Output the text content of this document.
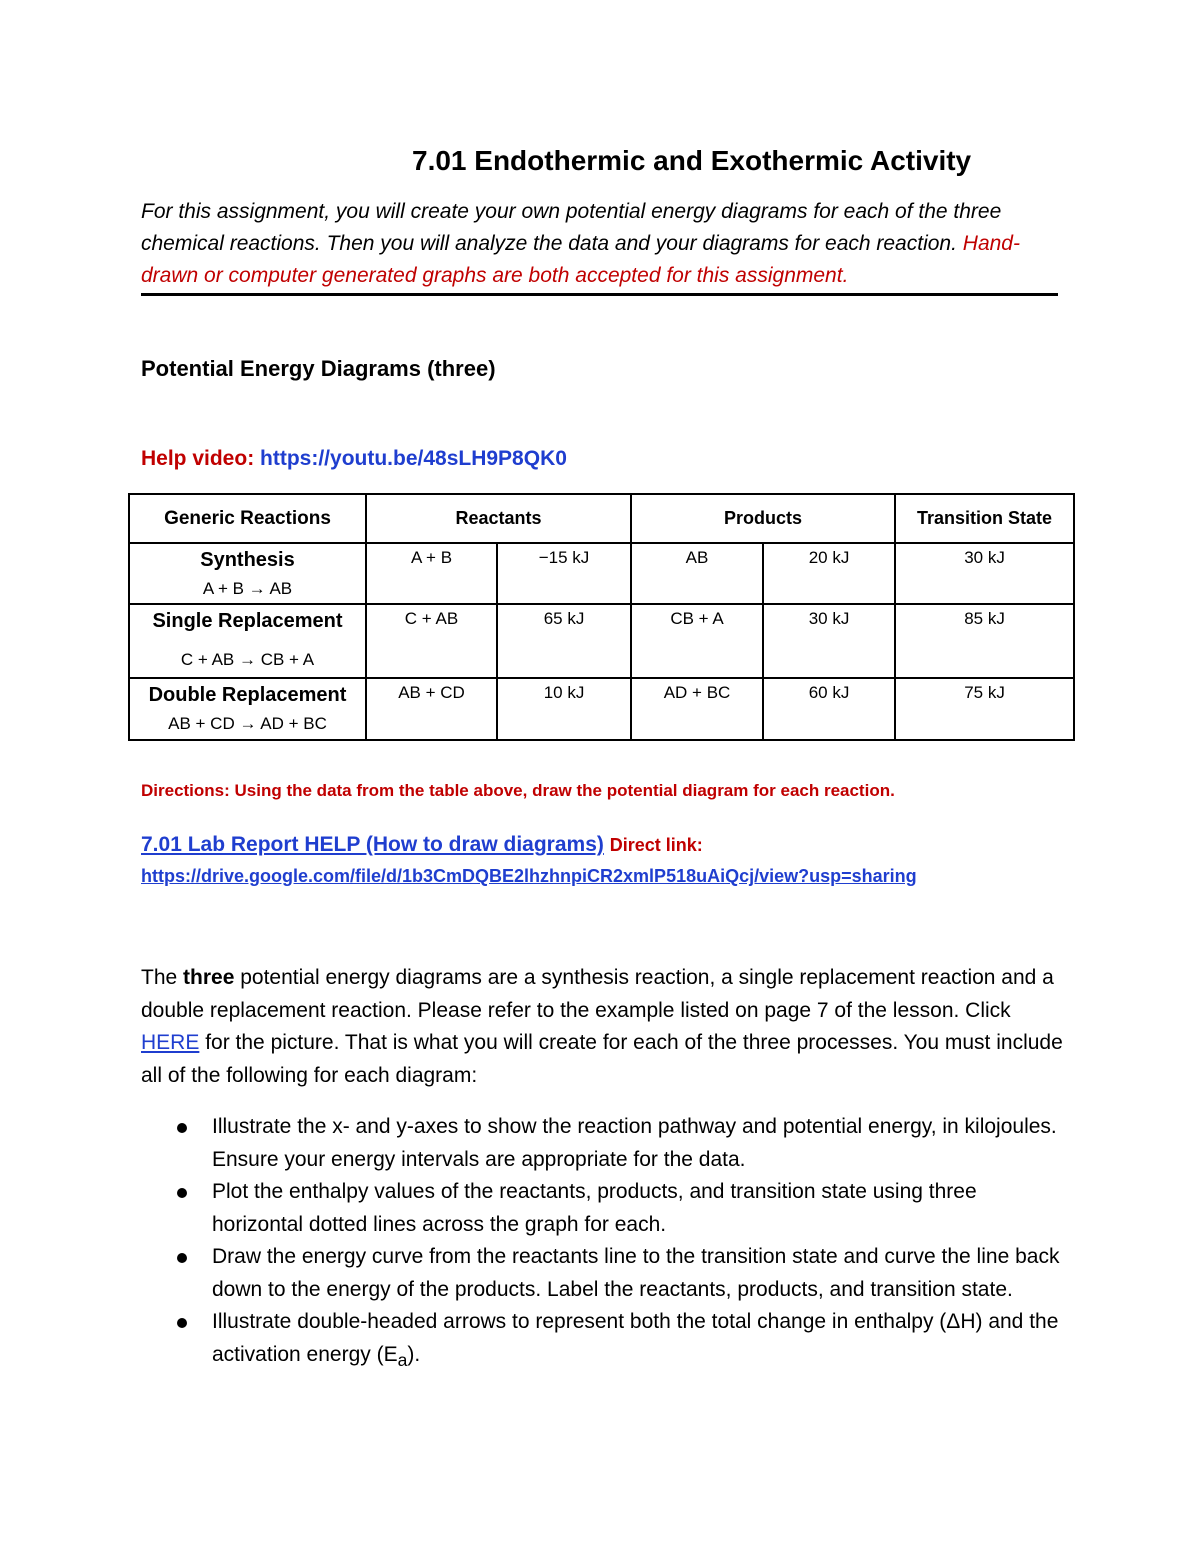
7.01 Endothermic and Exothermic Activity
For this assignment, you will create your own potential energy diagrams for each of the three chemical reactions. Then you will analyze the data and your diagrams for each reaction. Hand-drawn or computer generated graphs are both accepted for this assignment.
Potential Energy Diagrams (three)
Help video: https://youtu.be/48sLH9P8QK0
Generic Reactions	Reactants		Products		Transition State
Synthesis
A + B → AB	A + B	−15 kJ	AB	20 kJ	30 kJ
Single Replacement
C + AB → CB + A	C + AB	65 kJ	CB + A	30 kJ	85 kJ
Double Replacement
AB + CD → AD + BC	AB + CD	10 kJ	AD + BC	60 kJ	75 kJ
Directions: Using the data from the table above, draw the potential diagram for each reaction.
7.01 Lab Report HELP (How to draw diagrams) Direct link:
https://drive.google.com/file/d/1b3CmDQBE2lhzhnpiCR2xmlP518uAiQcj/view?usp=sharing
The three potential energy diagrams are a synthesis reaction, a single replacement reaction and a double replacement reaction. Please refer to the example listed on page 7 of the lesson. Click HERE for the picture. That is what you will create for each of the three processes. You must include all of the following for each diagram:
Illustrate the x- and y-axes to show the reaction pathway and potential energy, in kilojoules. Ensure your energy intervals are appropriate for the data.
Plot the enthalpy values of the reactants, products, and transition state using three horizontal dotted lines across the graph for each.
Draw the energy curve from the reactants line to the transition state and curve the line back down to the energy of the products. Label the reactants, products, and transition state.
Illustrate double-headed arrows to represent both the total change in enthalpy (ΔH) and the activation energy $(E_a)$.
